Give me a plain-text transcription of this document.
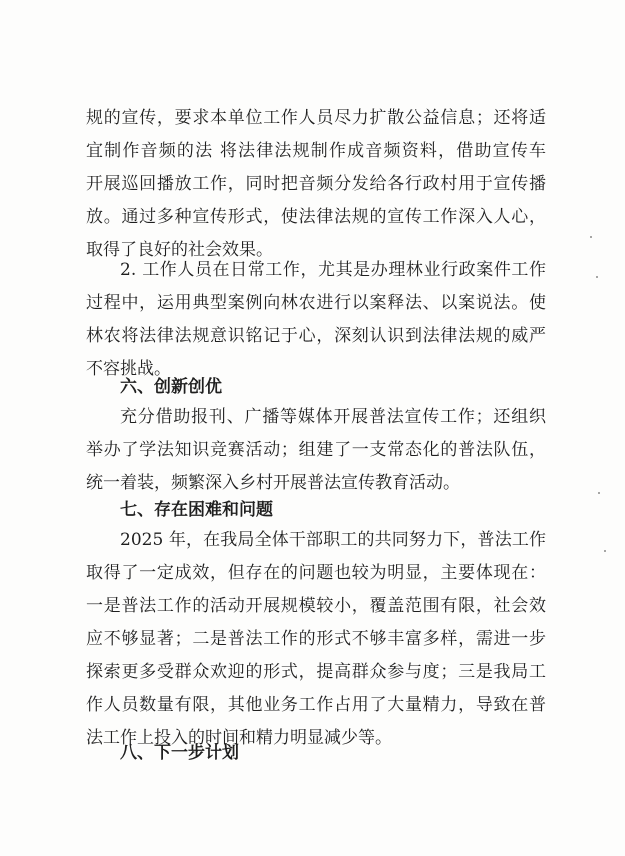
规的宣传，要求本单位工作人员尽力扩散公益信息；还将适
宜制作音频的法 将法律法规制作成音频资料，借助宣传车
开展巡回播放工作，同时把音频分发给各行政村用于宣传播
放。通过多种宣传形式，使法律法规的宣传工作深入人心，
取得了良好的社会效果。
2. 工作人员在日常工作，尤其是办理林业行政案件工作
过程中，运用典型案例向林农进行以案释法、以案说法。使
林农将法律法规意识铭记于心，深刻认识到法律法规的威严
不容挑战。
六、创新创优
充分借助报刊、广播等媒体开展普法宣传工作；还组织
举办了学法知识竞赛活动；组建了一支常态化的普法队伍，
统一着装，频繁深入乡村开展普法宣传教育活动。
七、存在困难和问题
2025 年，在我局全体干部职工的共同努力下，普法工作
取得了一定成效，但存在的问题也较为明显，主要体现在：
一是普法工作的活动开展规模较小，覆盖范围有限，社会效
应不够显著；二是普法工作的形式不够丰富多样，需进一步
探索更多受群众欢迎的形式，提高群众参与度；三是我局工
作人员数量有限，其他业务工作占用了大量精力，导致在普
法工作上投入的时间和精力明显减少等。
八、下一步计划
